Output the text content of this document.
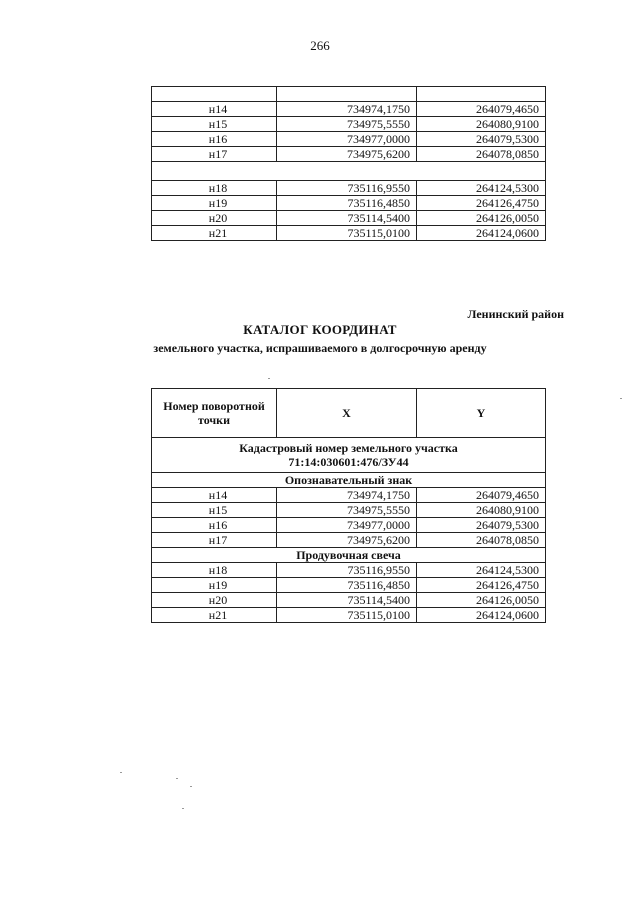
266

н14	734974,1750	264079,4650
н15	734975,5550	264080,9100
н16	734977,0000	264079,5300
н17	734975,6200	264078,0850

н18	735116,9550	264124,5300
н19	735116,4850	264126,4750
н20	735114,5400	264126,0050
н21	735115,0100	264124,0600
Ленинский район
КАТАЛОГ КООРДИНАТ
земельного участка, испрашиваемого в долгосрочную аренду
Номер поворотной точки	X	Y

Кадастровый номер земельного участка
71:14:030601:476/ЗУ44		

Опознавательный знак		
н14	734974,1750	264079,4650
н15	734975,5550	264080,9100
н16	734977,0000	264079,5300
н17	734975,6200	264078,0850
Продувочная свеча		
н18	735116,9550	264124,5300
н19	735116,4850	264126,4750
н20	735114,5400	264126,0050
н21	735115,0100	264124,0600
